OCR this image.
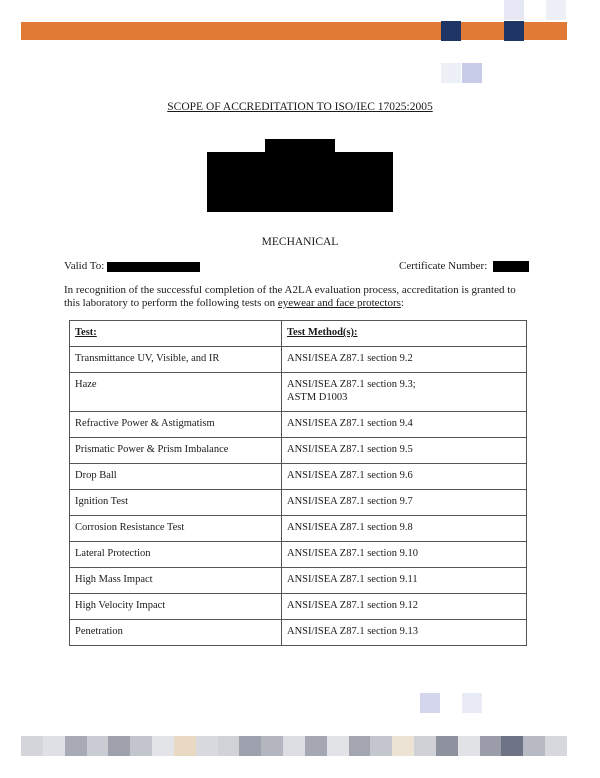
SCOPE OF ACCREDITATION TO ISO/IEC 17025:2005
MECHANICAL
Valid To:	Certificate Number:
In recognition of the successful completion of the A2LA evaluation process, accreditation is granted to this laboratory to perform the following tests on eyewear and face protectors:
Test:	Test Method(s):
Transmittance UV, Visible, and IR	ANSI/ISEA Z87.1 section 9.2
Haze	ANSI/ISEA Z87.1 section 9.3;
ASTM D1003

Refractive Power & Astigmatism	ANSI/ISEA Z87.1 section 9.4
Prismatic Power & Prism Imbalance	ANSI/ISEA Z87.1 section 9.5
Drop Ball	ANSI/ISEA Z87.1 section 9.6
Ignition Test	ANSI/ISEA Z87.1 section 9.7
Corrosion Resistance Test	ANSI/ISEA Z87.1 section 9.8
Lateral Protection	ANSI/ISEA Z87.1 section 9.10
High Mass Impact	ANSI/ISEA Z87.1 section 9.11
High Velocity Impact	ANSI/ISEA Z87.1 section 9.12
Penetration	ANSI/ISEA Z87.1 section 9.13
